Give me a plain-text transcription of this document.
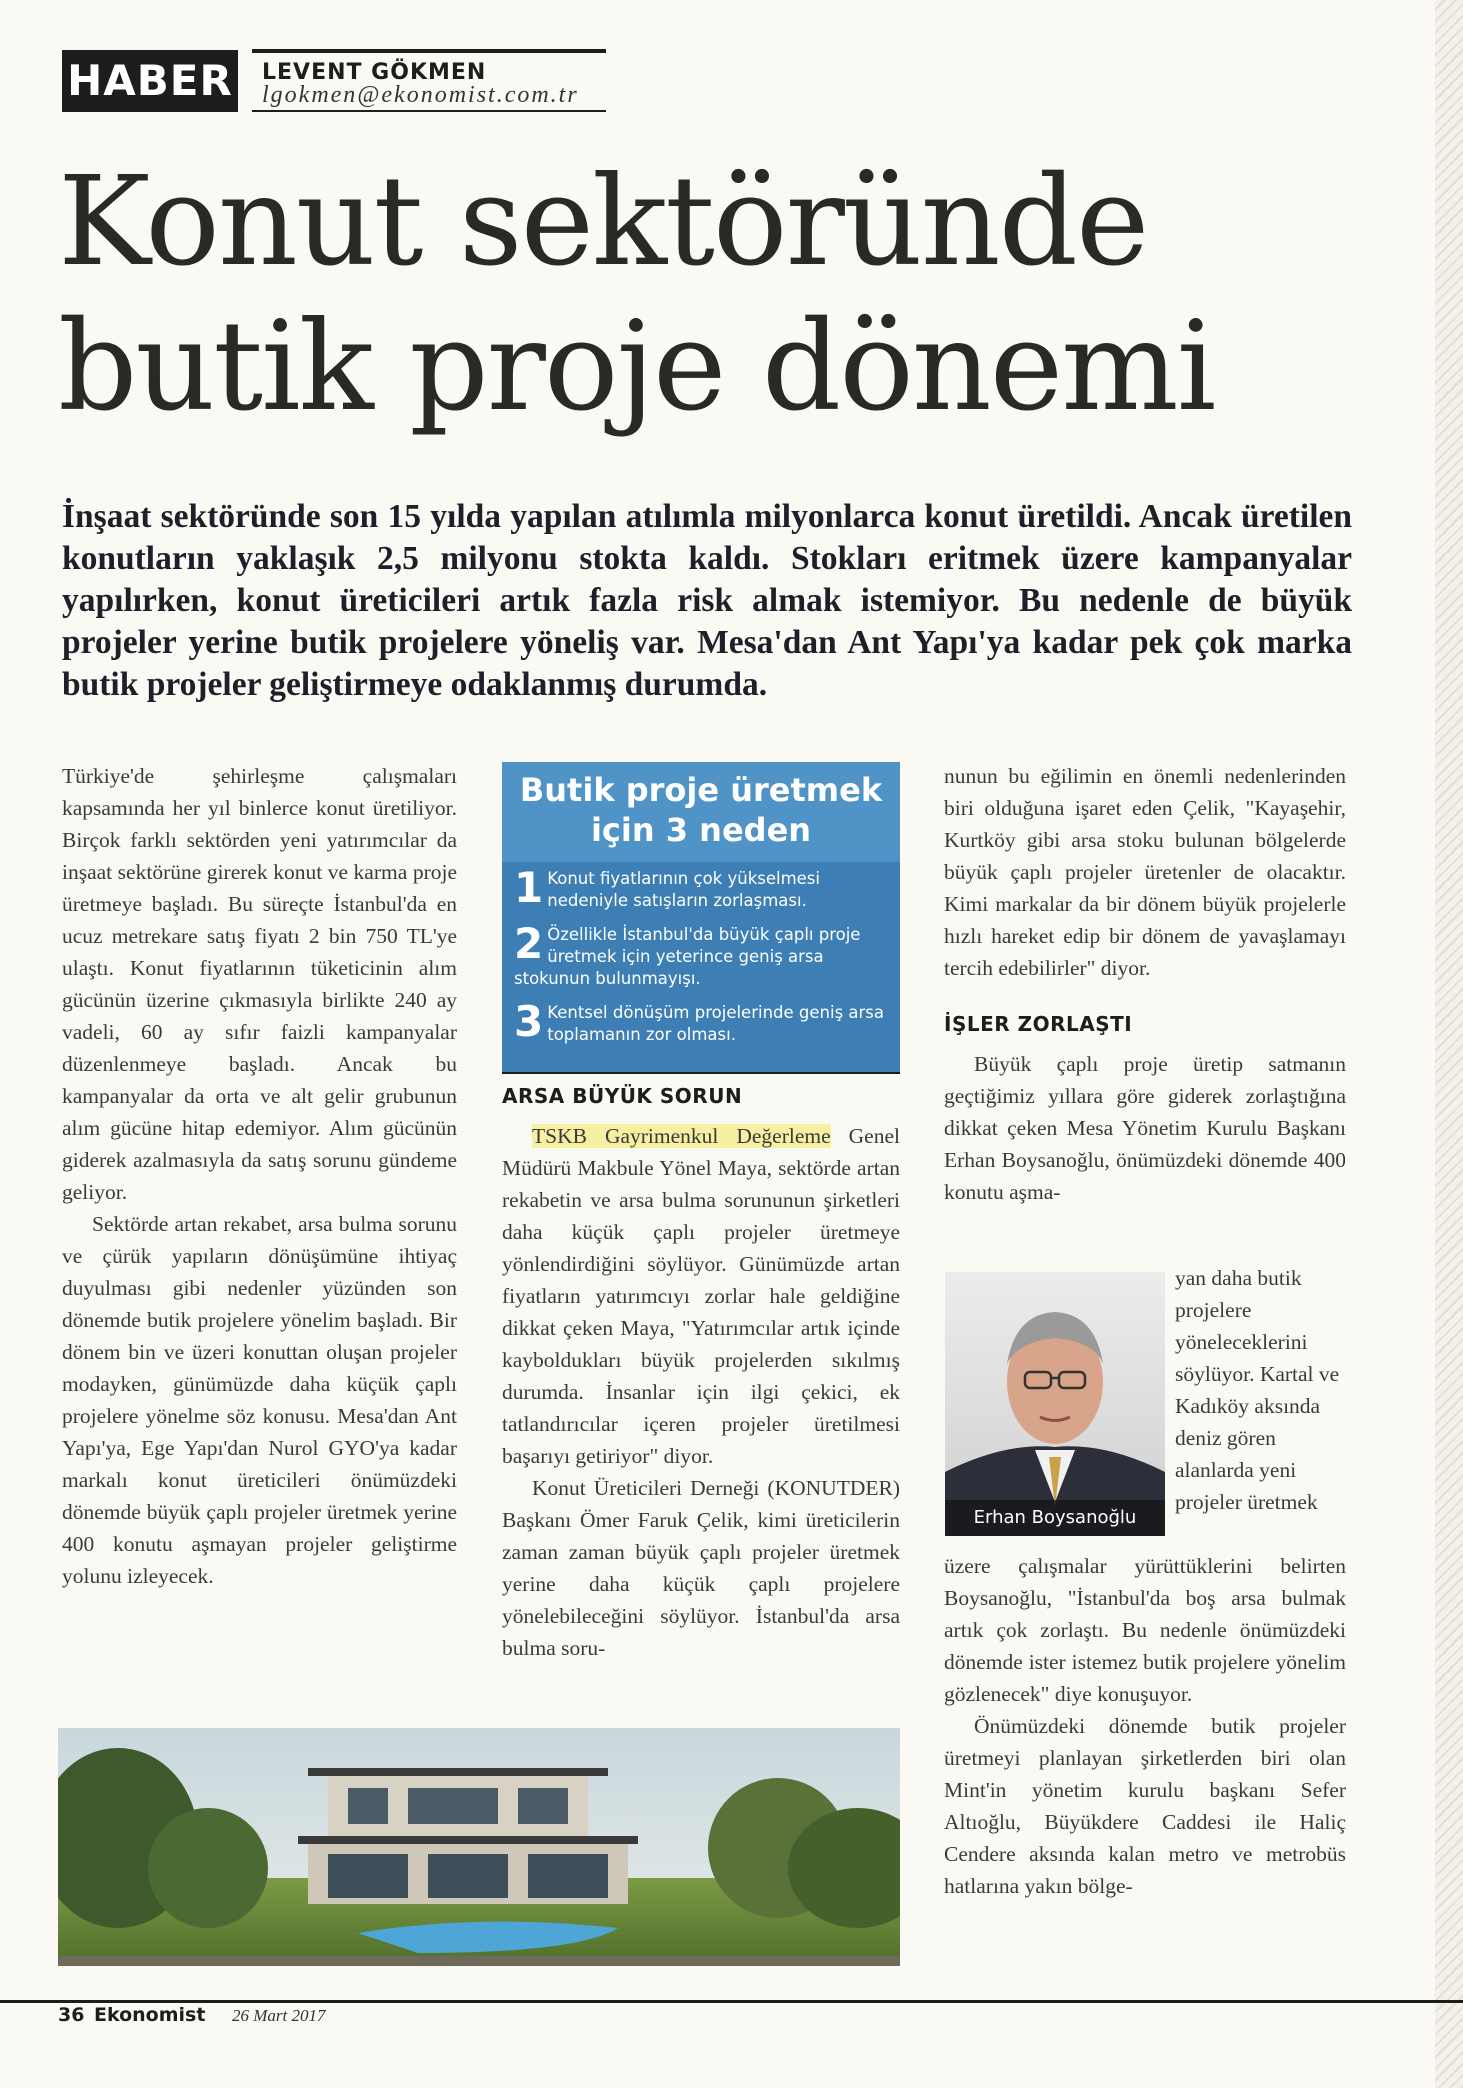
HABER LEVENT GÖKMEN
lgokmen@ekonomist.com.tr
Konut sektöründe butik proje dönemi

İnşaat sektöründe son 15 yılda yapılan atılımla milyonlarca konut üretildi. Ancak üretilen konutların yaklaşık 2,5 milyonu stokta kaldı. Stokları eritmek üzere kampanyalar yapılırken, konut üreticileri artık fazla risk almak istemiyor. Bu nedenle de büyük projeler yerine butik projelere yöneliş var. Mesa'dan Ant Yapı'ya kadar pek çok marka butik projeler geliştirmeye odaklanmış durumda.

Türkiye'de şehirleşme çalışmaları kapsamında her yıl binlerce konut üretiliyor. Birçok farklı sektörden yeni yatırımcılar da inşaat sektörüne girerek konut ve karma proje üretmeye başladı. Bu süreçte İstanbul'da en ucuz metrekare satış fiyatı 2 bin 750 TL'ye ulaştı. Konut fiyatlarının tüketicinin alım gücünün üzerine çıkmasıyla birlikte 240 ay vadeli, 60 ay sıfır faizli kampanyalar düzenlenmeye başladı. Ancak bu kampanyalar da orta ve alt gelir grubunun alım gücüne hitap edemiyor. Alım gücünün giderek azalmasıyla da satış sorunu gündeme geliyor.

Sektörde artan rekabet, arsa bulma sorunu ve çürük yapıların dönüşümüne ihtiyaç duyulması gibi nedenler yüzünden son dönemde butik projelere yönelim başladı. Bir dönem bin ve üzeri konuttan oluşan projeler modayken, günümüzde daha küçük çaplı projelere yönelme söz konusu. Mesa'dan Ant Yapı'ya, Ege Yapı'dan Nurol GYO'ya kadar markalı konut üreticileri önümüzdeki dönemde büyük çaplı projeler üretmek yerine 400 konutu aşmayan projeler geliştirme yolunu izleyecek.

Butik proje üretmek
için 3 neden
1 Konut fiyatlarının çok yükselmesi nedeniyle satışların zorlaşması.
2 Özellikle İstanbul'da büyük çaplı proje üretmek için yeterince geniş arsa stokunun bulunmayışı.
3 Kentsel dönüşüm projelerinde geniş arsa toplamanın zor olması.
ARSA BÜYÜK SORUN

TSKB Gayrimenkul Değerleme Genel Müdürü Makbule Yönel Maya, sektörde artan rekabetin ve arsa bulma sorununun şirketleri daha küçük çaplı projeler üretmeye yönlendirdiğini söylüyor. Günümüzde artan fiyatların yatırımcıyı zorlar hale geldiğine dikkat çeken Maya, "Yatırımcılar artık içinde kayboldukları büyük projelerden sıkılmış durumda. İnsanlar için ilgi çekici, ek tatlandırıcılar içeren projeler üretilmesi başarıyı getiriyor" diyor.

Konut Üreticileri Derneği (KONUTDER) Başkanı Ömer Faruk Çelik, kimi üreticilerin zaman zaman büyük çaplı projeler üretmek yerine daha küçük çaplı projelere yönelebileceğini söylüyor. İstanbul'da arsa bulma soru-

nunun bu eğilimin en önemli nedenlerinden biri olduğuna işaret eden Çelik, "Kayaşehir, Kurtköy gibi arsa stoku bulunan bölgelerde büyük çaplı projeler üretenler de olacaktır. Kimi markalar da bir dönem büyük projelerle hızlı hareket edip bir dönem de yavaşlamayı tercih edebilirler" diyor.

İŞLER ZORLAŞTI

Büyük çaplı proje üretip satmanın geçtiğimiz yıllara göre giderek zorlaştığına dikkat çeken Mesa Yönetim Kurulu Başkanı Erhan Boysanoğlu, önümüzdeki dönemde 400 konutu aşma-

Erhan Boysanoğlu
yan daha butik projelere yöneleceklerini söylüyor. Kartal ve Kadıköy aksında deniz gören alanlarda yeni projeler üretmek

üzere çalışmalar yürüttüklerini belirten Boysanoğlu, "İstanbul'da boş arsa bulmak artık çok zorlaştı. Bu nedenle önümüzdeki dönemde ister istemez butik projelere yönelim gözlenecek" diye konuşuyor.

Önümüzdeki dönemde butik projeler üretmeyi planlayan şirketlerden biri olan Mint'in yönetim kurulu başkanı Sefer Altıoğlu, Büyükdere Caddesi ile Haliç Cendere aksında kalan metro ve metrobüs hatlarına yakın bölge-

36 Ekonomist 26 Mart 2017
